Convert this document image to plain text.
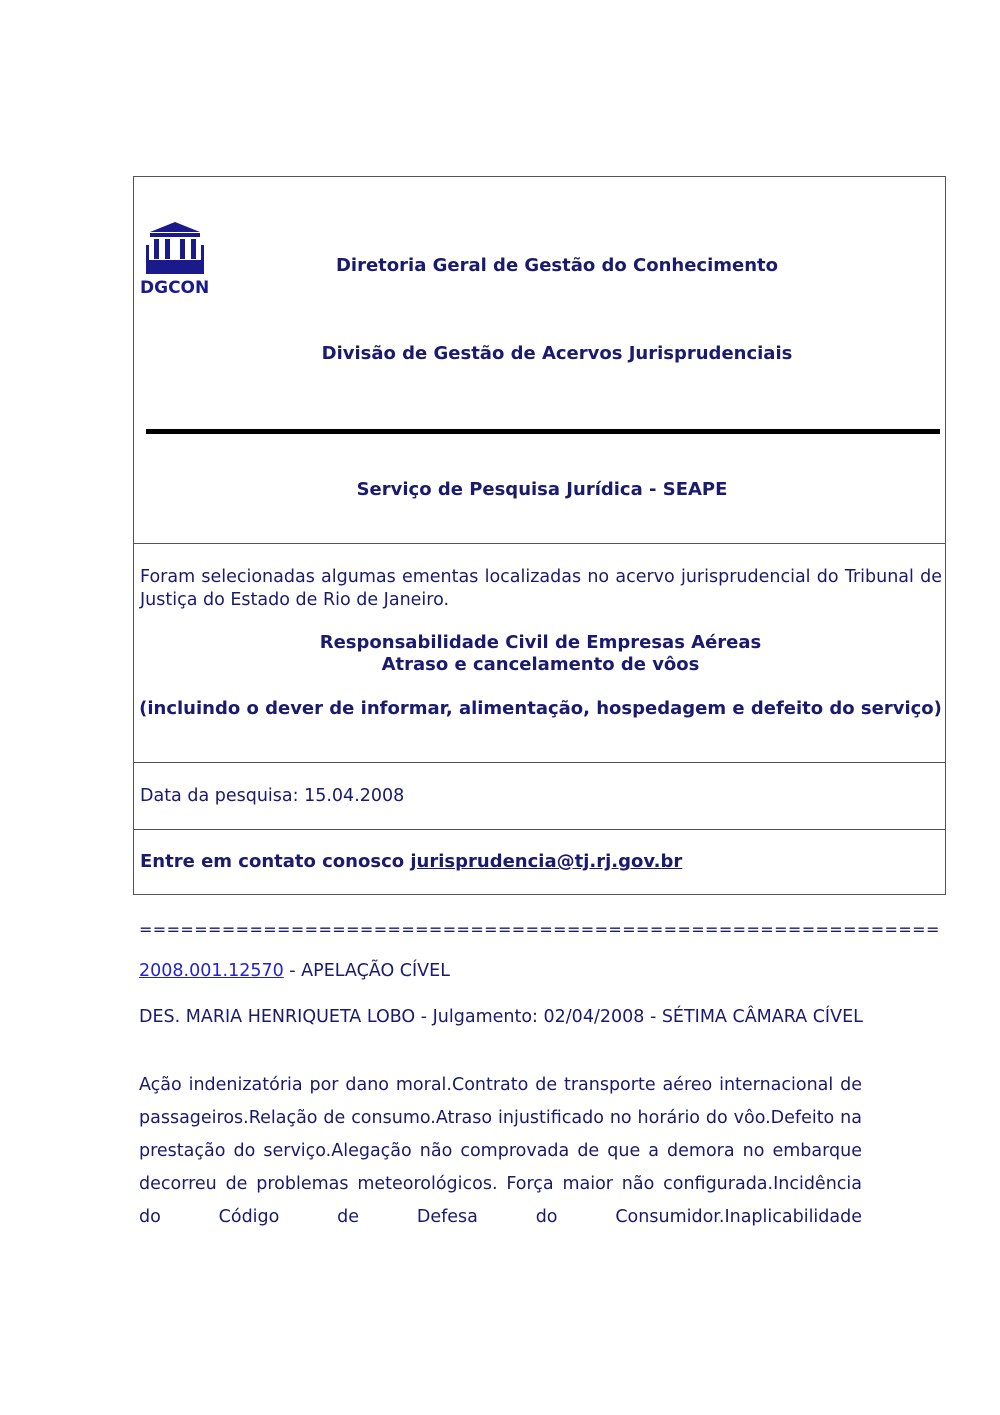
DGCON
Diretoria Geral de Gestão do Conhecimento
Divisão de Gestão de Acervos Jurisprudenciais
Serviço de Pesquisa Jurídica - SEAPE
Foram selecionadas algumas ementas localizadas no acervo jurisprudencial do Tribunal de Justiça do Estado de Rio de Janeiro.
Responsabilidade Civil de Empresas Aéreas
Atraso e cancelamento de vôos
(incluindo o dever de informar, alimentação, hospedagem e defeito do serviço)
Data da pesquisa: 15.04.2008
Entre em contato conosco jurisprudencia@tj.rj.gov.br
==========================================================
2008.001.12570 - APELAÇÃO CÍVEL
DES. MARIA HENRIQUETA LOBO - Julgamento: 02/04/2008 - SÉTIMA CÂMARA CÍVEL
Ação indenizatória por dano moral.Contrato de transporte aéreo internacional de passageiros.Relação de consumo.Atraso injustificado no horário do vôo.Defeito na prestação do serviço.Alegação não comprovada de que a demora no embarque decorreu de problemas meteorológicos. Força maior não configurada.Incidência do Código de Defesa do Consumidor.Inaplicabilidade
